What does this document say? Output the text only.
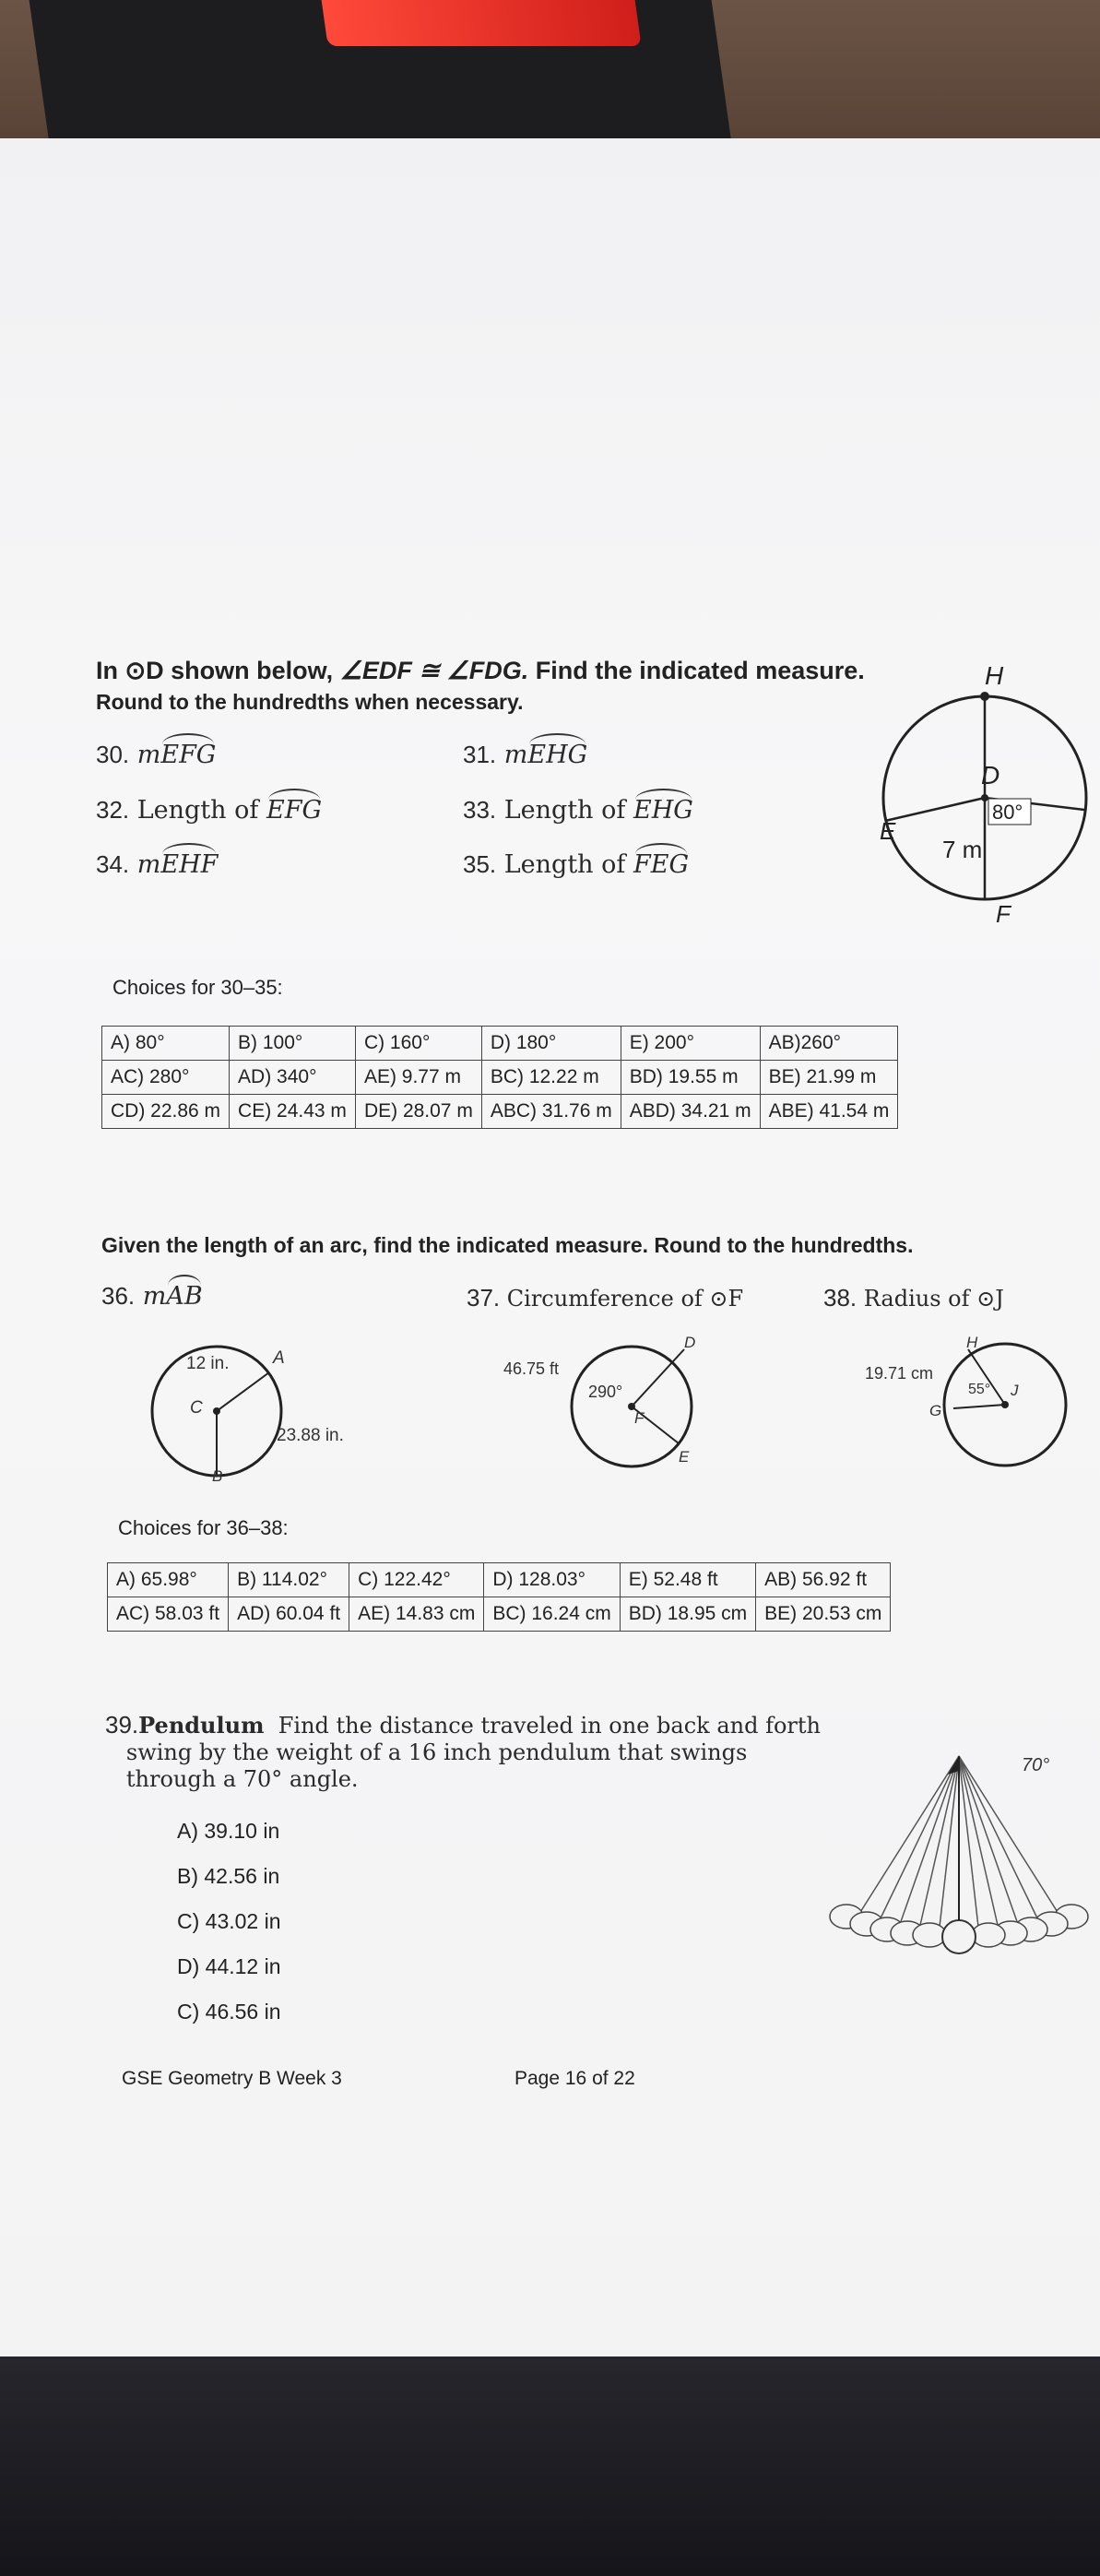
In ⊙D shown below, ∠EDF ≅ ∠FDG. Find the indicated measure.
Round to the hundredths when necessary.
30. mEFG	31. mEHG
32. Length of EFG	33. Length of EHG
34. mEHF	35. Length of FEG
80°
H
D
E
7 m
F
Choices for 30–35:
A) 80°	B) 100°	C) 160°	D) 180°	E) 200°	AB)260°
AC) 280°	AD) 340°	AE) 9.77 m	BC) 12.22 m	BD) 19.55 m	BE) 21.99 m
CD) 22.86 m	CE) 24.43 m	DE) 28.07 m	ABC) 31.76 m	ABD) 34.21 m	ABE) 41.54 m
Given the length of an arc, find the indicated measure. Round to the hundredths.
36. mAB	37. Circumference of ⊙F	38. Radius of ⊙J
12 in.	A
C
B
23.88 in.
46.75 ft
290°
D
F
E
19.71 cm
H
55° J
G
Choices for 36–38:
A) 65.98°	B) 114.02°	C) 122.42°	D) 128.03°	E) 52.48 ft	AB) 56.92 ft
AC) 58.03 ft	AD) 60.04 ft	AE) 14.83 cm	BC) 16.24 cm	BD) 18.95 cm	BE) 20.53 cm
39.Pendulum Find the distance traveled in one back and forth
swing by the weight of a 16 inch pendulum that swings
through a 70° angle.
A) 39.10 in
B) 42.56 in
C) 43.02 in
D) 44.12 in
C) 46.56 in
70°
GSE Geometry B Week 3	Page 16 of 22
